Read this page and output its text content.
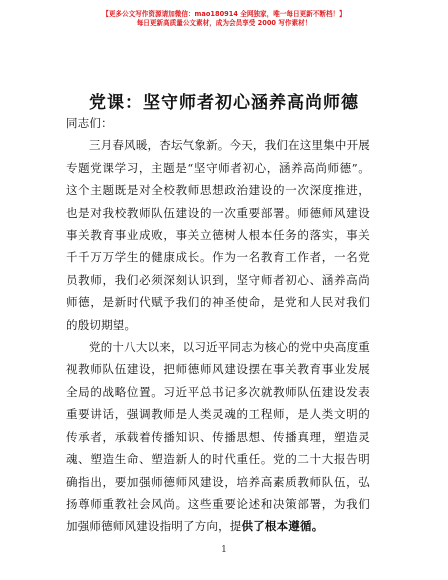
【更多公文写作资源请加微信：mao180914 全网独家，唯一每日更新不断档！】
每日更新高质量公文素材，成为会员享受 2000 写作素材！
党课：坚守师者初心涵养高尚师德

同志们：

三月春风暖，杏坛气象新。今天，我们在这里集中开展专题党课学习，主题是“坚守师者初心，涵养高尚师德”。这个主题既是对全校教师思想政治建设的一次深度推进，也是对我校教师队伍建设的一次重要部署。师德师风建设事关教育事业成败，事关立德树人根本任务的落实，事关千千万万学生的健康成长。作为一名教育工作者，一名党员教师，我们必须深刻认识到，坚守师者初心、涵养高尚师德，是新时代赋予我们的神圣使命，是党和人民对我们的殷切期望。

党的十八大以来，以习近平同志为核心的党中央高度重视教师队伍建设，把师德师风建设摆在事关教育事业发展全局的战略位置。习近平总书记多次就教师队伍建设发表重要讲话，强调教师是人类灵魂的工程师，是人类文明的传承者，承载着传播知识、传播思想、传播真理，塑造灵魂、塑造生命、塑造新人的时代重任。党的二十大报告明确指出，要加强师德师风建设，培养高素质教师队伍，弘扬尊师重教社会风尚。这些重要论述和决策部署，为我们加强师德师风建设指明了方向，提供了根本遵循。

1
